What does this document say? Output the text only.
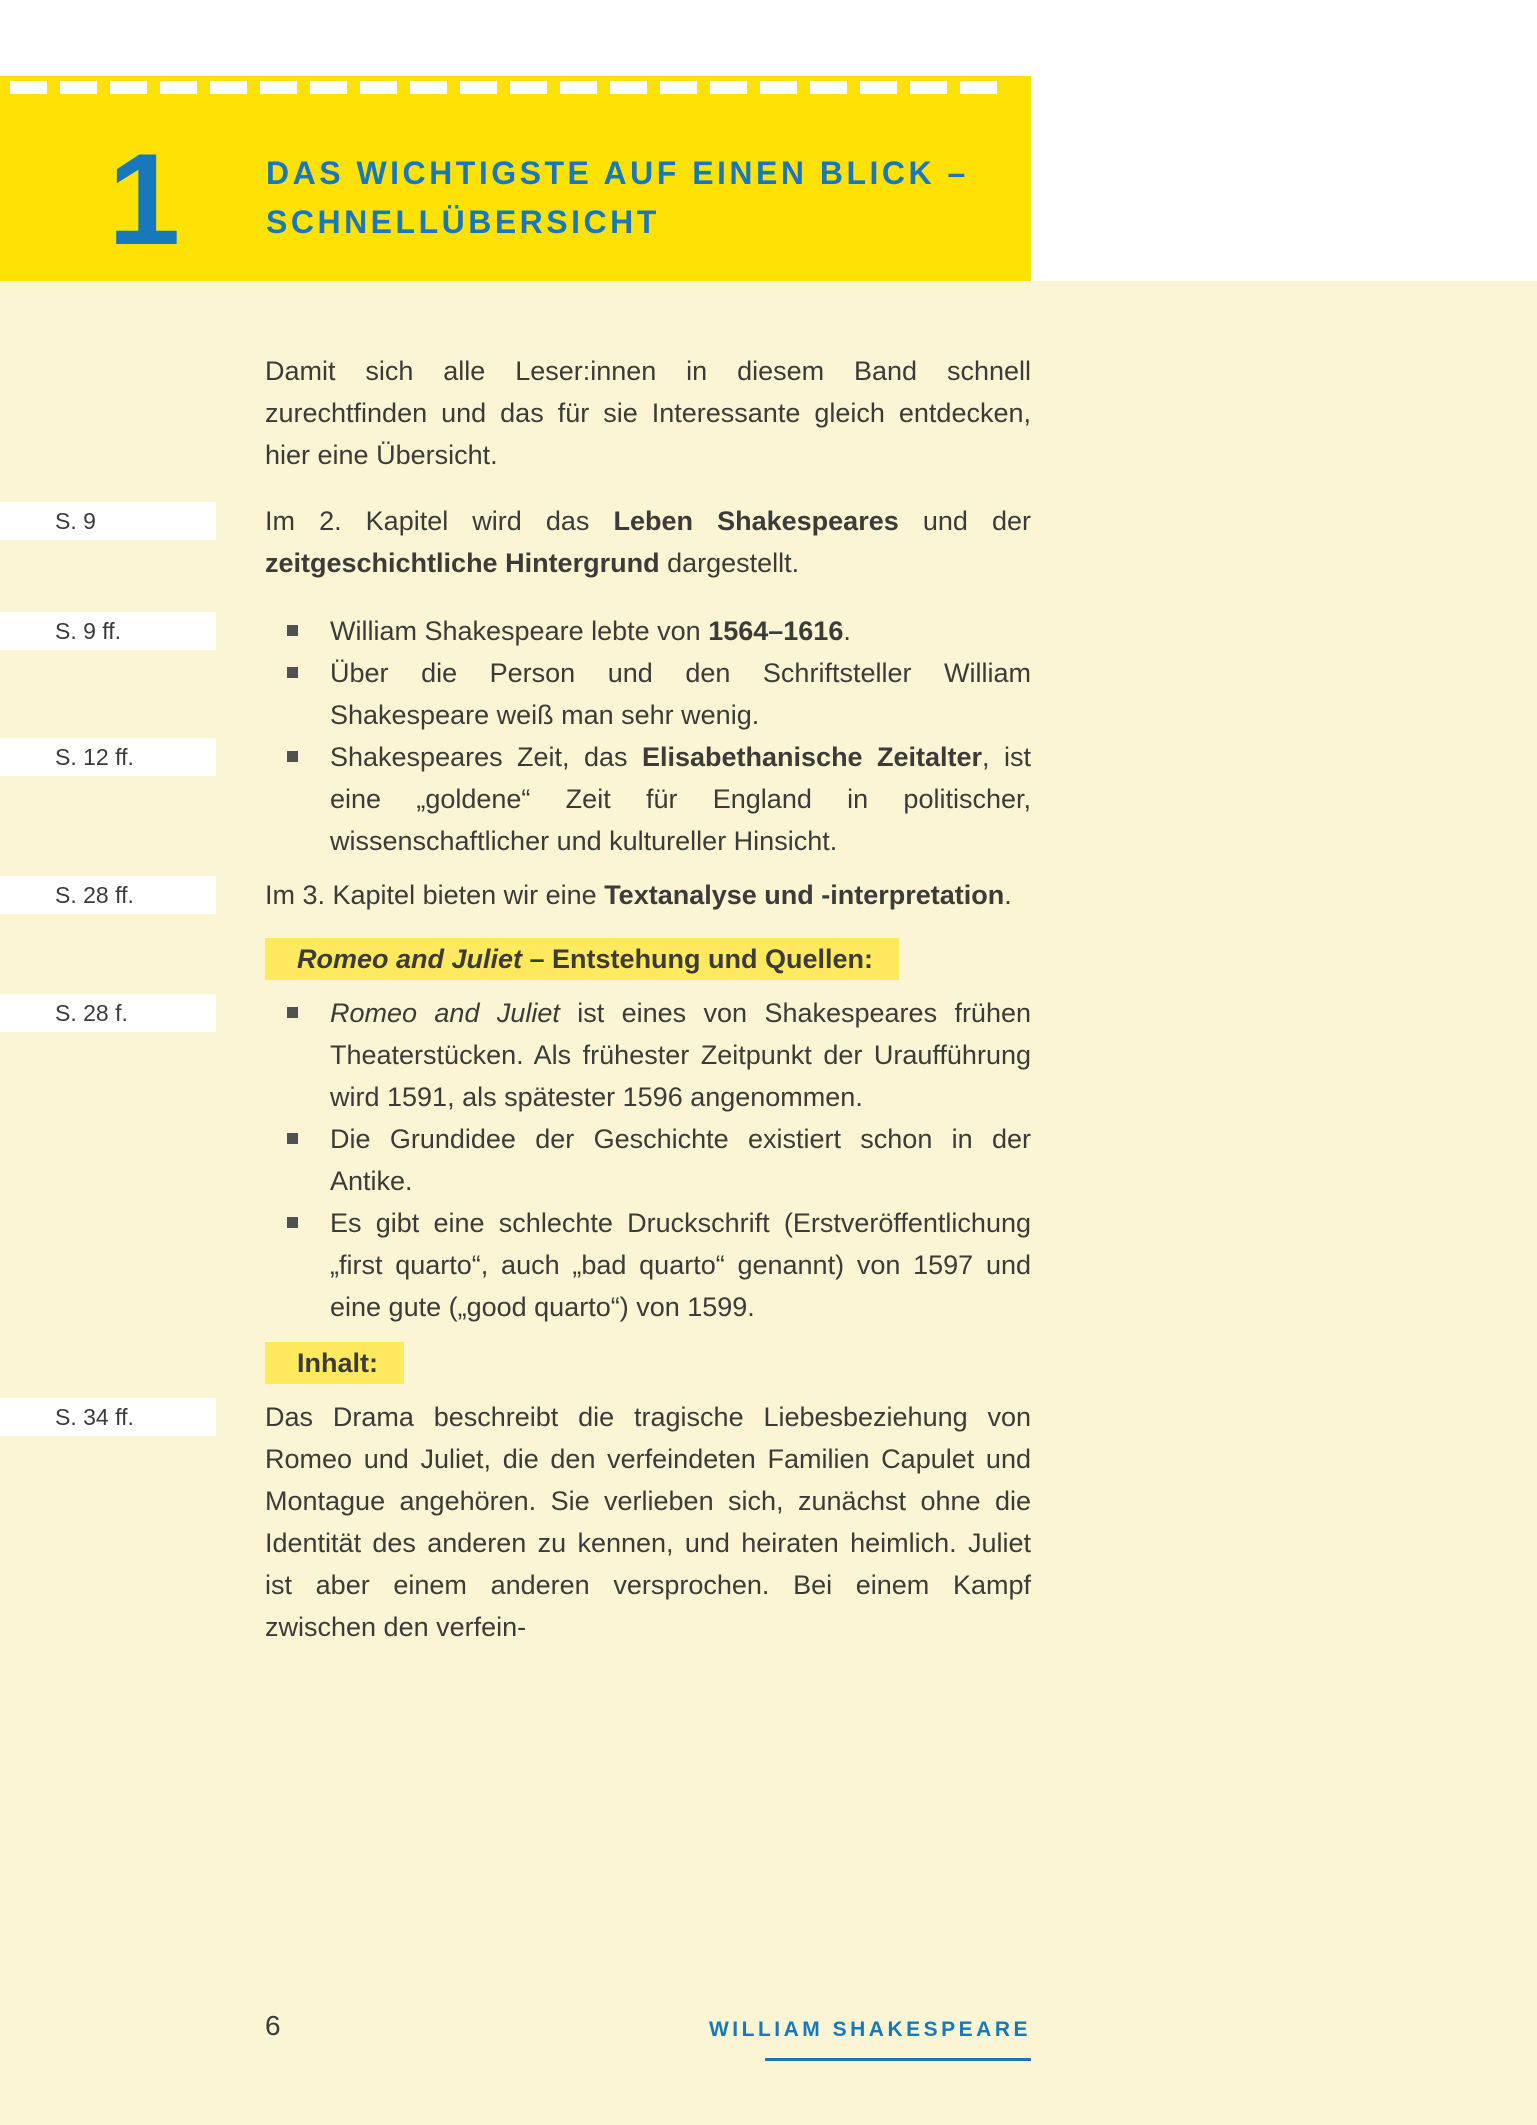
1	DAS WICHTIGSTE AUF EINEN BLICK –
SCHNELLÜBERSICHT
Damit sich alle Leser:innen in diesem Band schnell zurechtfinden und das für sie Interessante gleich entdecken, hier eine Übersicht.
S. 9	Im 2. Kapitel wird das Leben Shakespeares und der zeitgeschichtliche Hintergrund dargestellt.
S. 9 ff.	William Shakespeare lebte von 1564–1616.
Über die Person und den Schriftsteller William Shakespeare weiß man sehr wenig.
S. 12 ff.	Shakespeares Zeit, das Elisabethanische Zeitalter, ist eine „goldene“ Zeit für England in politischer, wissenschaftlicher und kultureller Hinsicht.
S. 28 ff.	Im 3. Kapitel bieten wir eine Textanalyse und -interpretation.
Romeo and Juliet – Entstehung und Quellen:
S. 28 f.	Romeo and Juliet ist eines von Shakespeares frühen Theaterstücken. Als frühester Zeitpunkt der Uraufführung wird 1591, als spätester 1596 angenommen.
Die Grundidee der Geschichte existiert schon in der Antike.
Es gibt eine schlechte Druckschrift (Erstveröffentlichung „first quarto“, auch „bad quarto“ genannt) von 1597 und eine gute („good quarto“) von 1599.
Inhalt:
S. 34 ff.	Das Drama beschreibt die tragische Liebesbeziehung von Romeo und Juliet, die den verfeindeten Familien Capulet und Montague angehören. Sie verlieben sich, zunächst ohne die Identität des anderen zu kennen, und heiraten heimlich. Juliet ist aber einem anderen versprochen. Bei einem Kampf zwischen den verfein-
6	WILLIAM SHAKESPEARE
